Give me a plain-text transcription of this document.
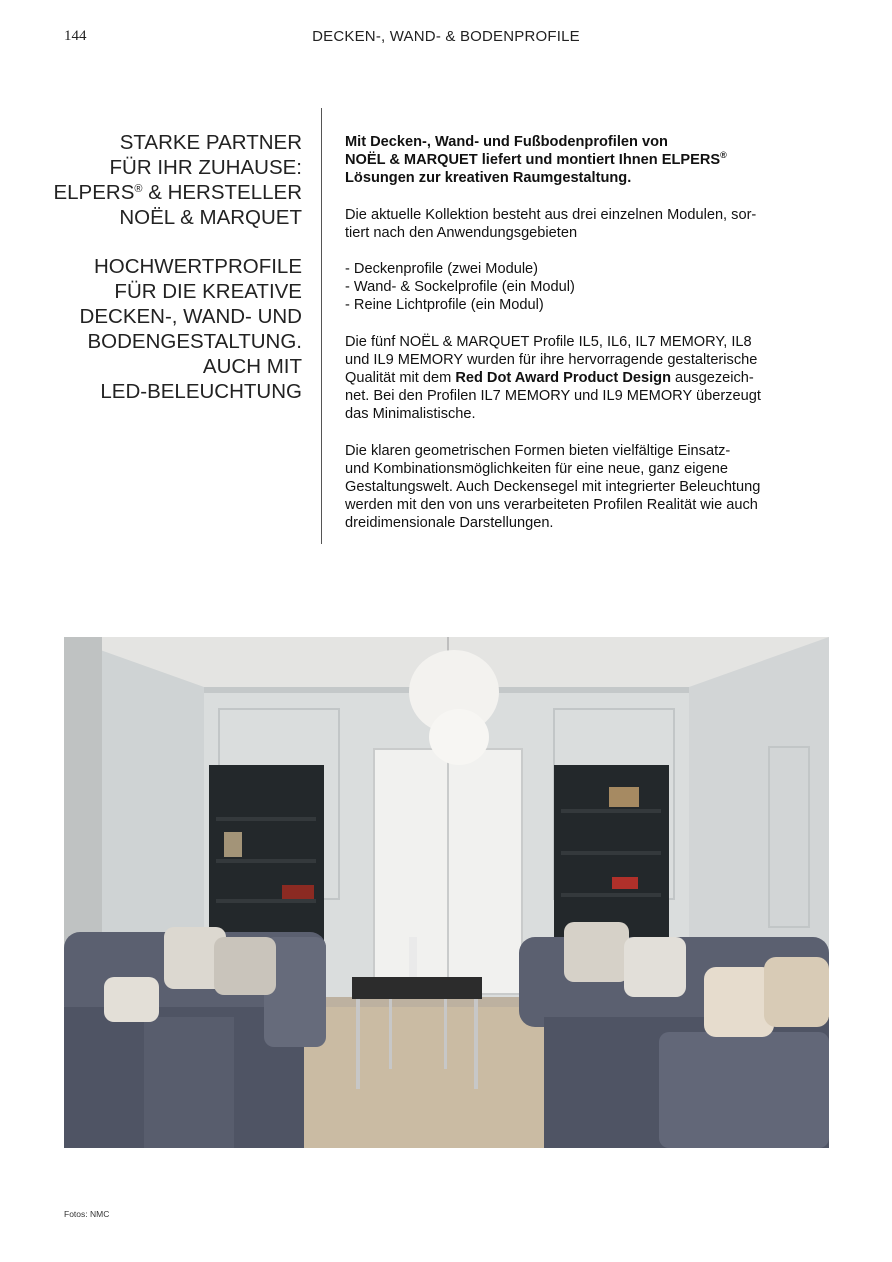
144	DECKEN-, WAND- & BODENPROFILE
STARKE PARTNER
FÜR IHR ZUHAUSE:
ELPERS® & HERSTELLER
NOËL & MARQUET
HOCHWERTPROFILE
FÜR DIE KREATIVE
DECKEN-, WAND- UND
BODENGESTALTUNG.
AUCH MIT
LED-BELEUCHTUNG

Mit Decken-, Wand- und Fußbodenprofilen von
NOËL & MARQUET liefert und montiert Ihnen ELPERS®
Lösungen zur kreativen Raumgestaltung.

Die aktuelle Kollektion besteht aus drei einzelnen Modulen, sor-
tiert nach den Anwendungsgebieten

- Deckenprofile (zwei Module)
- Wand- & Sockelprofile (ein Modul)
- Reine Lichtprofile (ein Modul)

Die fünf NOËL & MARQUET Profile IL5, IL6, IL7 MEMORY, IL8
und IL9 MEMORY wurden für ihre hervorragende gestalterische
Qualität mit dem Red Dot Award Product Design ausgezeich-
net. Bei den Profilen IL7 MEMORY und IL9 MEMORY überzeugt
das Minimalistische.

Die klaren geometrischen Formen bieten vielfältige Einsatz-
und Kombinationsmöglichkeiten für eine neue, ganz eigene
Gestaltungswelt. Auch Deckensegel mit integrierter Beleuchtung
werden mit den von uns verarbeiteten Profilen Realität wie auch
dreidimensionale Darstellungen.

Fotos: NMC
